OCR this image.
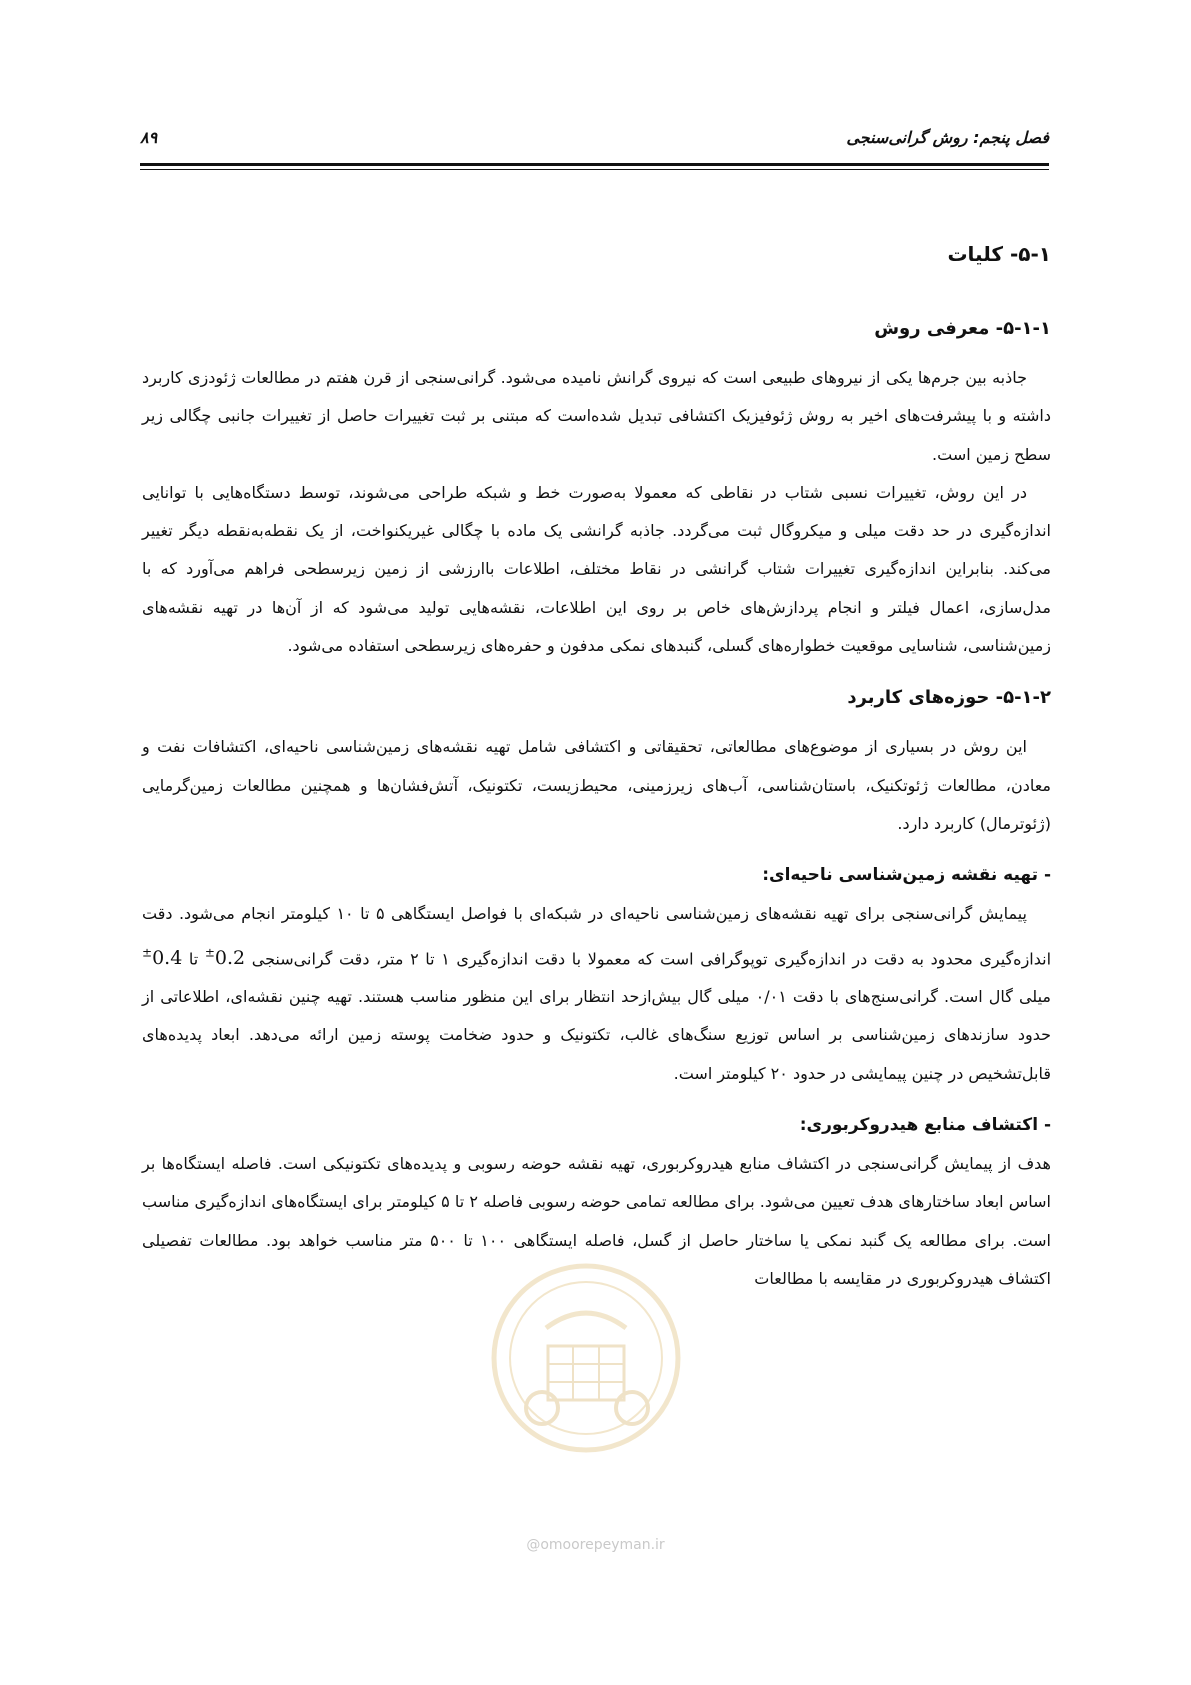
فصل پنجم: روش گرانی‌سنجی
۸۹
۵-۱- کلیات
۵-۱-۱- معرفی روش

جاذبه بین جرم‌ها یکی از نیروهای طبیعی است که نیروی گرانش نامیده می‌شود. گرانی‌سنجی از قرن هفتم در مطالعات ژئودزی کاربرد داشته و با پیشرفت‌های اخیر به روش ژئوفیزیک اکتشافی تبدیل شده‌است که مبتنی بر ثبت تغییرات حاصل از تغییرات جانبی چگالی زیر سطح زمین است.

در این روش، تغییرات نسبی شتاب در نقاطی که معمولا به‌صورت خط و شبکه طراحی می‌شوند، توسط دستگاه‌هایی با توانایی اندازه‌گیری در حد دقت میلی و میکروگال ثبت می‌گردد. جاذبه گرانشی یک ماده با چگالی غیریکنواخت، از یک نقطه‌به‌نقطه دیگر تغییر می‌کند. بنابراین اندازه‌گیری تغییرات شتاب گرانشی در نقاط مختلف، اطلاعات باارزشی از زمین زیرسطحی فراهم می‌آورد که با مدل‌سازی، اعمال فیلتر و انجام پردازش‌های خاص بر روی این اطلاعات، نقشه‌هایی تولید می‌شود که از آن‌ها در تهیه نقشه‌های زمین‌شناسی، شناسایی موقعیت خطواره‌های گسلی، گنبدهای نمکی مدفون و حفره‌های زیرسطحی استفاده می‌شود.

۵-۱-۲- حوزه‌های کاربرد

این روش در بسیاری از موضوع‌های مطالعاتی، تحقیقاتی و اکتشافی شامل تهیه نقشه‌های زمین‌شناسی ناحیه‌ای، اکتشافات نفت و معادن، مطالعات ژئوتکنیک، باستان‌شناسی، آب‌های زیرزمینی، محیط‌زیست، تکتونیک، آتش‌فشان‌ها و همچنین مطالعات زمین‌گرمایی (ژئوترمال) کاربرد دارد.

- تهیه نقشه زمین‌شناسی ناحیه‌ای:

پیمایش گرانی‌سنجی برای تهیه نقشه‌های زمین‌شناسی ناحیه‌ای در شبکه‌ای با فواصل ایستگاهی ۵ تا ۱۰ کیلومتر انجام می‌شود. دقت اندازه‌گیری محدود به دقت در اندازه‌گیری توپوگرافی است که معمولا با دقت اندازه‌گیری ۱ تا ۲ متر، دقت گرانی‌سنجی 0.2± تا 0.4± میلی گال است. گرانی‌سنج‌های با دقت ۰/۰۱ میلی گال بیش‌ازحد انتظار برای این منظور مناسب هستند. تهیه چنین نقشه‌ای، اطلاعاتی از حدود سازندهای زمین‌شناسی بر اساس توزیع سنگ‌های غالب، تکتونیک و حدود ضخامت پوسته زمین ارائه می‌دهد. ابعاد پدیده‌های قابل‌تشخیص در چنین پیمایشی در حدود ۲۰ کیلومتر است.

- اکتشاف منابع هیدروکربوری:

هدف از پیمایش گرانی‌سنجی در اکتشاف منابع هیدروکربوری، تهیه نقشه حوضه رسوبی و پدیده‌های تکتونیکی است. فاصله ایستگاه‌ها بر اساس ابعاد ساختارهای هدف تعیین می‌شود. برای مطالعه تمامی حوضه رسوبی فاصله ۲ تا ۵ کیلومتر برای ایستگاه‌های اندازه‌گیری مناسب است. برای مطالعه یک گنبد نمکی یا ساختار حاصل از گسل، فاصله ایستگاهی ۱۰۰ تا ۵۰۰ متر مناسب خواهد بود. مطالعات تفصیلی اکتشاف هیدروکربوری در مقایسه با مطالعات

@omoorepeyman.ir
